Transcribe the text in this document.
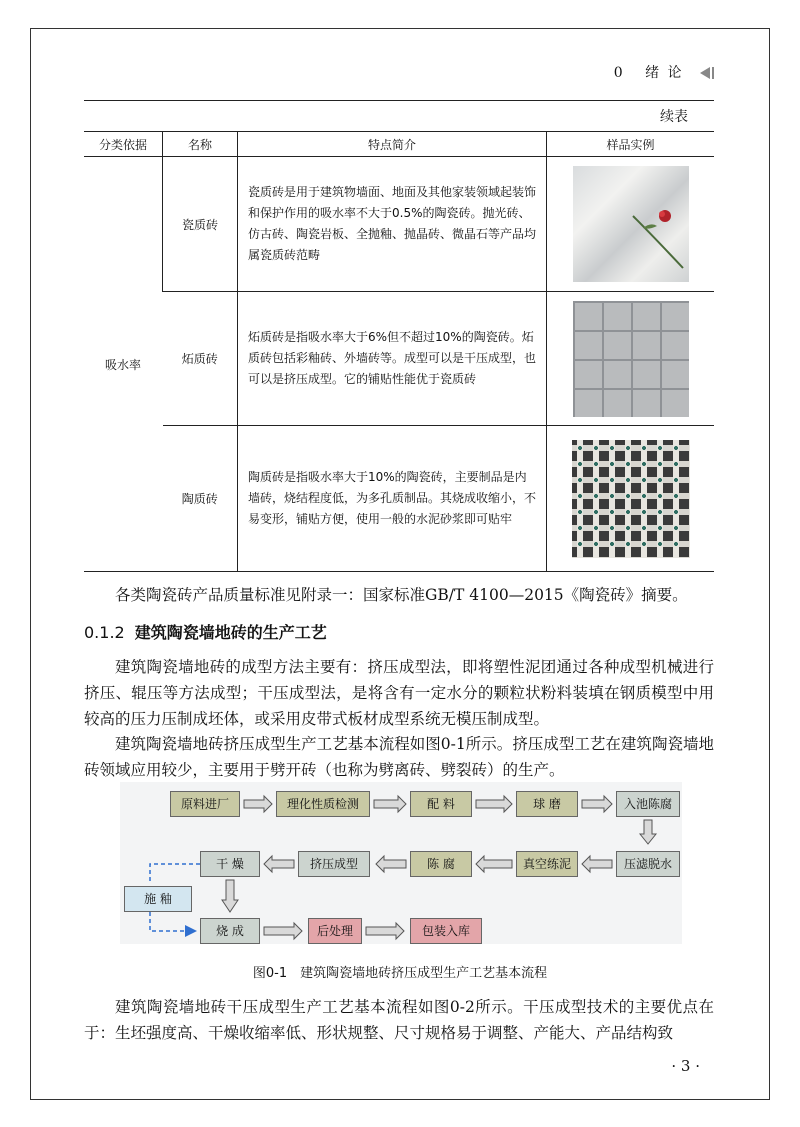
0 绪 论
续表
分类依据	名称	特点简介	样品实例
吸水率	瓷质砖	瓷质砖是用于建筑物墙面、地面及其他家装领域起装饰和保护作用的吸水率不大于0.5%的陶瓷砖。抛光砖、仿古砖、陶瓷岩板、全抛釉、抛晶砖、微晶石等产品均属瓷质砖范畴	

	炻质砖	炻质砖是指吸水率大于6%但不超过10%的陶瓷砖。炻质砖包括彩釉砖、外墙砖等。成型可以是干压成型，也可以是挤压成型。它的铺贴性能优于瓷质砖	

	陶质砖	陶质砖是指吸水率大于10%的陶瓷砖，主要制品是内墙砖，烧结程度低，为多孔质制品。其烧成收缩小，不易变形，铺贴方便，使用一般的水泥砂浆即可贴牢	
各类陶瓷砖产品质量标准见附录一：国家标准GB/T 4100—2015《陶瓷砖》摘要。
0.1.2 建筑陶瓷墙地砖的生产工艺
建筑陶瓷墙地砖的成型方法主要有：挤压成型法，即将塑性泥团通过各种成型机械进行挤压、辊压等方法成型；干压成型法，是将含有一定水分的颗粒状粉料装填在钢质模型中用较高的压力压制成坯体，或采用皮带式板材成型系统无模压制成型。
建筑陶瓷墙地砖挤压成型生产工艺基本流程如图0-1所示。挤压成型工艺在建筑陶瓷墙地砖领域应用较少，主要用于劈开砖（也称为劈离砖、劈裂砖）的生产。
原料进厂	理化性质检测	配 料	球 磨	入池陈腐
压滤脱水
真空练泥
陈 腐
挤压成型
干 燥
施 釉
烧 成	后处理	包装入库
图0-1　建筑陶瓷墙地砖挤压成型生产工艺基本流程
建筑陶瓷墙地砖干压成型生产工艺基本流程如图0-2所示。干压成型技术的主要优点在于：生坯强度高、干燥收缩率低、形状规整、尺寸规格易于调整、产能大、产品结构致
· 3 ·
